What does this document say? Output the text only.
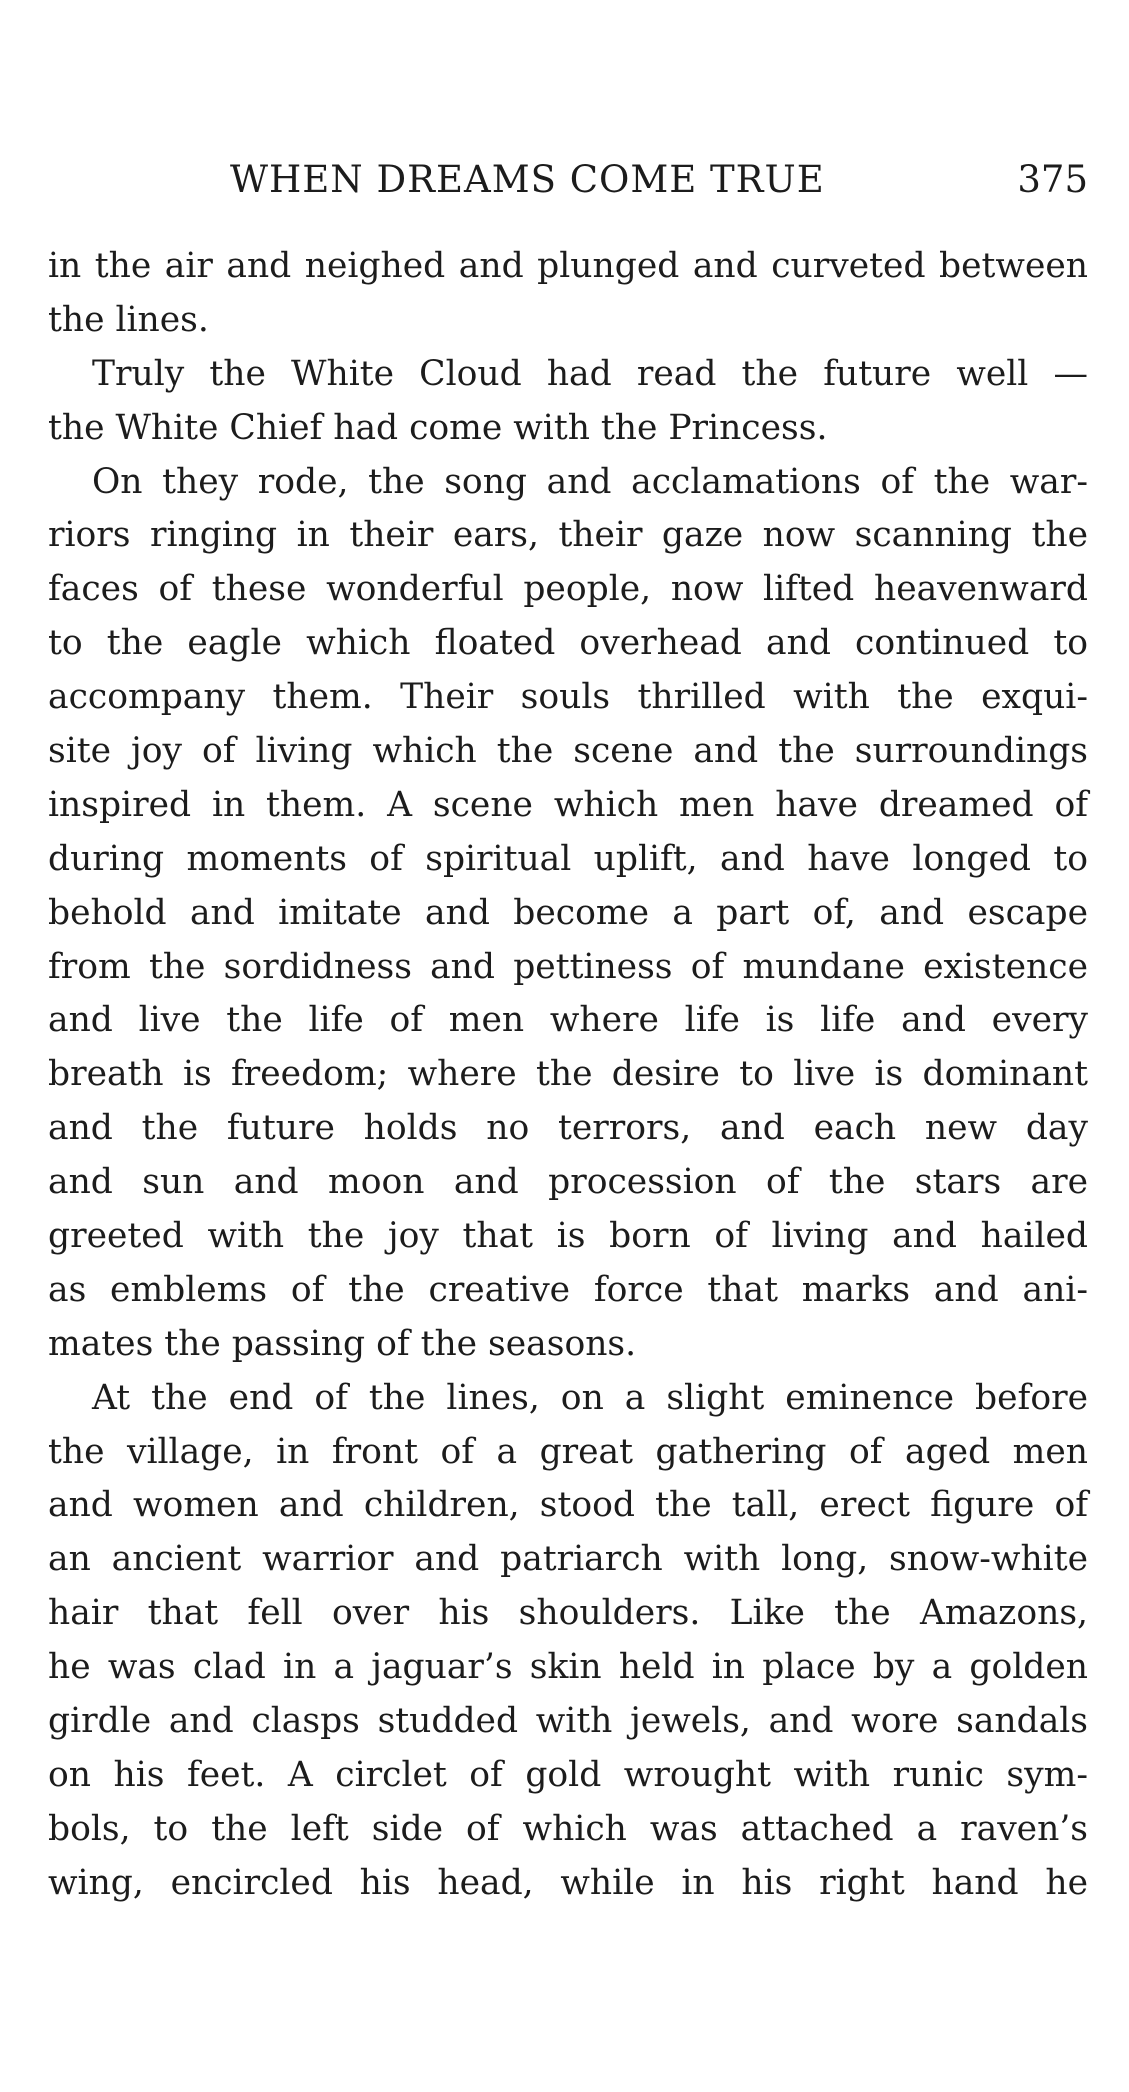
WHEN DREAMS COME TRUE	375

in the air and neighed and plunged and curveted between
the lines.

Truly the White Cloud had read the future well —
the White Chief had come with the Princess.

On they rode, the song and acclamations of the war-
riors ringing in their ears, their gaze now scanning the
faces of these wonderful people, now lifted heavenward
to the eagle which floated overhead and continued to
accompany them. Their souls thrilled with the exqui-
site joy of living which the scene and the surroundings
inspired in them. A scene which men have dreamed of
during moments of spiritual uplift, and have longed to
behold and imitate and become a part of, and escape
from the sordidness and pettiness of mundane existence
and live the life of men where life is life and every
breath is freedom; where the desire to live is dominant
and the future holds no terrors, and each new day
and sun and moon and procession of the stars are
greeted with the joy that is born of living and hailed
as emblems of the creative force that marks and ani-
mates the passing of the seasons.

At the end of the lines, on a slight eminence before
the village, in front of a great gathering of aged men
and women and children, stood the tall, erect figure of
an ancient warrior and patriarch with long, snow-white
hair that fell over his shoulders. Like the Amazons,
he was clad in a jaguar’s skin held in place by a golden
girdle and clasps studded with jewels, and wore sandals
on his feet. A circlet of gold wrought with runic sym-
bols, to the left side of which was attached a raven’s
wing, encircled his head, while in his right hand he
